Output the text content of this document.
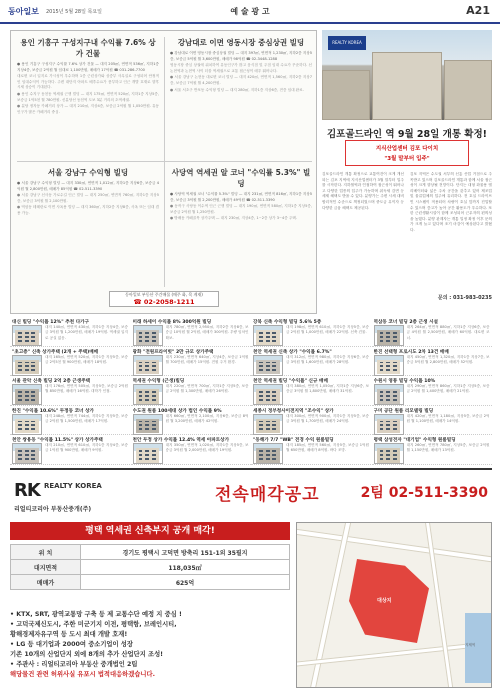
동아일보 2015년 5월 28일 목요일	예 술 광 고	A21
용인 기흥구 구성지구내 수익률 7.6% 상가 건물

● 용인 기흥구 구성지구 수익률 7.6% 상가 건물 — 대지 205㎡, 연면적 536㎡, 지하1층 지상4층, 보증금 2억원 월 임대료 1,100만원, 매매가 17억원 ☎ 031-286-7700

대로변 코너 입지로 가시성이 우수하며 1층 근린상가와 상층부 사무실로 구성되어 안정적인 임대수익이 가능하다. 주변 대단지 아파트 배후수요가 풍부하고 인근 개발 호재로 향후 시세 상승이 기대된다.

● 용인 수지구 동천동 역세권 근생 빌딩 — 대지 175㎡, 연면적 520㎡, 지하1층 지상5층, 보증금 1억5천 월 780만원. 신분당선 동천역 도보 3분 거리의 초역세권.

● 분당 정자동 카페거리 상가 — 대지 210㎡, 지상4층, 보증금 2억원 월 1,050만원. 유동인구가 많은 카페거리 중심.

강남대로 이면 영동시장 중심상권 빌딩

● 강남대로 이면 영동시장 중심상권 빌딩 — 대지 397㎡, 연면적 1,230㎡, 지하2층 지상5층, 보증금 5억원 월 3,600만원, 매매가 98억원 ☎ 02-3448-1288

영동시장 중심 상권에 위치하여 유동인구가 많고 음식점 및 주점 임대 수요가 꾸준하다. 신논현역과 논현역 사이 더블 역세권으로 교통 접근성이 매우 뛰어나다.

● 서울 강남구 논현동 대로변 코너 빌딩 — 대지 420㎡, 연면적 1,560㎡, 지하2층 지상7층, 보증금 7억원 월 4,200만원.

● 서울 서초구 반포동 수익형 빌딩 — 대지 280㎡, 지하1층 지상6층, 전층 임대 완료.

서울 강남구 수익형 빌딩

● 서울 강남구 수익형 빌딩 — 대지 330㎡, 연면적 1,012㎡, 지하1층 지상6층, 보증금 4억원 월 2,800만원, 매매가 85억원 ☎ 02-511-3390

● 서울 강남구 신사동 가로수길 인근 빌딩 — 대지 250㎡, 연면적 760㎡, 지하1층 지상5층, 보증금 3억원 월 2,100만원.

● 역삼동 테헤란로 이면 사옥용 빌딩 — 대지 360㎡, 지하2층 지상8층, 사옥 또는 임대 겸용 가능.

사당역 역세권 알 코너 "수익률 5.3%" 빌딩

● 사당역 역세권 코너 "수익률 5.3%" 빌딩 — 대지 231㎡, 연면적 816㎡, 지하1층 지상5층, 보증금 3억원 월 2,200만원, 매매가 49억원 ☎ 02-511-3390

● 동작구 사당동 이수역 인근 근생 빌딩 — 대지 190㎡, 연면적 580㎡, 지하1층 지상5층, 보증금 2억원 월 1,250만원.

● 방배동 카페골목 상가주택 — 대지 230㎡, 지상4층, 1~2층 상가 3~4층 주택.

동아일보 부동산 주간매물 (매주 화, 목 게재)
☎ 02-2058-1211
REALTY KOREA
김포골드라인 역 9월 28일 개통 확정!
지식산업센터 김포 다이치
"3월 말부터 입주"
김포골드라인 개통 확정으로 교통여건이 크게 개선되는 김포 지역에 지식산업센터가 3월 말부터 입주를 시작한다. 지하철역과 인접하여 접근성이 뛰어나고 다양한 업종의 입주가 가능하며 취득세 감면 등 세제 혜택도 받을 수 있다. 분양가는 주변 시세 대비 합리적인 수준으로 책정되었으며 중도금 무이자 등 다양한 금융 혜택도 제공된다.
김포 지역은 수도권 서부의 신흥 산업 거점으로 주목받고 있으며 김포골드라인 개통과 함께 서울 접근성이 크게 향상될 전망이다. 단지는 대형 화물용 엘리베이터와 넓은 주차 공간을 갖추고 있어 제조업 및 물류업체의 입주에 유리하다. 전 호실 드라이브인 시스템이 적용되어 차량이 호실 앞까지 진입할 수 있으며 층고가 높아 공간 활용도가 우수하다. 또한 근린생활시설이 함께 조성되어 근무자의 편의성을 높였다. 분양 관계자는 개통 일정 확정 이후 문의가 크게 늘고 있다며 조기 마감이 예상된다고 밝혔다.
문의 : 031-983-0235
대신 빌딩 "수익률 12%" 추천 다가구
대지 140㎡, 연면적 430㎡, 지하1층 지상4층, 보증금 3억원 월 1,200만원, 매매가 19억원. 역세권 입지로 공실 없음.
미래 하세이 수익률 8% 300억원 빌딩
대지 780㎡, 연면적 2,950㎡, 지하2층 지상8층, 보증금 10억원 월 2억원, 매매가 300억원. 우량 임차인 확보.
강북 신축 수익형 빌딩 5.6% 5층
대지 198㎡, 연면적 610㎡, 지하1층 지상5층, 보증금 2억원 월 1,000만원, 매매가 22억원. 신축 건물.
역삼동 코너 빌딩 2층 근생 시설
대지 264㎡, 연면적 880㎡, 지하1층 지상6층, 보증금 4억원 월 2,500만원, 매매가 60억원. 대로변 코너.
"초고층" 신축 상가주택 (2개 + 주택)매매
대지 165㎡, 연면적 520㎡, 지하1층 지상5층, 보증금 2억5천 월 900만원, 매매가 18억원.
광화 "전원프라이빗" 2만 규모 상가주택
대지 230㎡, 연면적 640㎡, 지상4층, 보증금 1억원 월 700만원, 매매가 15억원. 전원 주거 환경.
천안 역세권 신축 상가 "수익률 6.7%"
대지 312㎡, 연면적 980㎡, 지하1층 지상6층, 보증금 3억원 월 1,600만원, 매매가 28억원.
한진 선택형 프로시도 2차 13건 매매
대지 450㎡, 연면적 1,320㎡, 지하1층 지상7층, 보증금 5억원 월 2,800만원, 매매가 52억원.
서울 관악 신축 빌딩 2억 2층 근생주택
대지 176㎡, 연면적 505㎡, 지상5층, 보증금 2억원 월 850만원, 매매가 16억원. 대학가 인접.
역세권 수익형 (근생)빌딩
대지 220㎡, 연면적 700㎡, 지하1층 지상5층, 보증금 2억원 월 1,300만원, 매매가 26억원.
천안 역세권 빌딩 "수익률" 신규 매매
대지 380㎡, 연면적 1,050㎡, 지하1층 지상6층, 보증금 3억원 월 1,800만원, 매매가 31억원.
수원시 영통 빌딩 수익률 10%
대지 290㎡, 연면적 860㎡, 지하1층 지상5층, 보증금 2억원 월 1,400만원, 매매가 21억원.
한진 "수익률 10.6%" 두정동 코너 상가
대지 248㎡, 연면적 744㎡, 지하1층 지상5층, 보증금 2억원 월 1,500만원, 매매가 17억원.
수도권 원룸 100세대 상가 법인 수익률 9%
대지 660㎡, 연면적 2,100㎡, 지상6층, 보증금 8억원 월 3,200만원, 매매가 42억원.
세종시 정부청사이전지역 "조수익" 상가
대지 300㎡, 연면적 900㎡, 지하1층 지상5층, 보증금 3억원 월 1,700만원, 매매가 24억원.
구미 공단 원룸 리모델링 빌딩
대지 420㎡, 연면적 1,180㎡, 지상5층, 보증금 2억원 월 1,100만원, 매매가 14억원.
천안 쌍용동 "수익률 11.5%" 상가 상가주택
대지 210㎡, 연면적 610㎡, 지하1층 지상4층, 보증금 1억원 월 900만원, 매매가 9억원.
천안 두정 상가 수익률 12.4% 역세 아파트상가
대지 350㎡, 연면적 1,020㎡, 지하1층 지상5층, 보증금 3억원 월 2,000만원, 매매가 19억원.
"동해가 7/7 "WB" 전경 수익 원룸빌딩
대지 185㎡, 연면적 560㎡, 지상5층, 보증금 1억원 월 650만원, 매매가 8억원. 바다 조망.
평택 삼성전자 "대기업" 수익형 원룸빌딩
대지 260㎡, 연면적 780㎡, 지상5층, 보증금 2억원 월 1,150만원, 매매가 13억원.
RK REALTY KOREA
리얼티코리아 부동산중개(주)
전속매각공고	2팀 02-511-3390
평택 역세권 신축부지 공개 매각!
위 치	경기도 평택시 고덕면 방축리 151-1외 35필지
대지면적	118,035㎡
매매가	625억
• KTX, SRT, 광역교통망 구축 등 제 교통수단 예정 지 중심 !
• 고덕국제신도시, 주한 미군기지 이전, 평택항, 브레인시티,
황해경제자유구역 등 도시 최대 개발 호재!
• LG 등 대기업과 2000여 중소기업이 성장
기존 10개의 산업단지 외에 8개의 추가 산업단지 조성!
• 주관사 : 리얼티코리아 부동산 중개법인 2팀
해당물건 관련 허위사실 유포시 법적대응하겠습니다.
대상지
지제역
